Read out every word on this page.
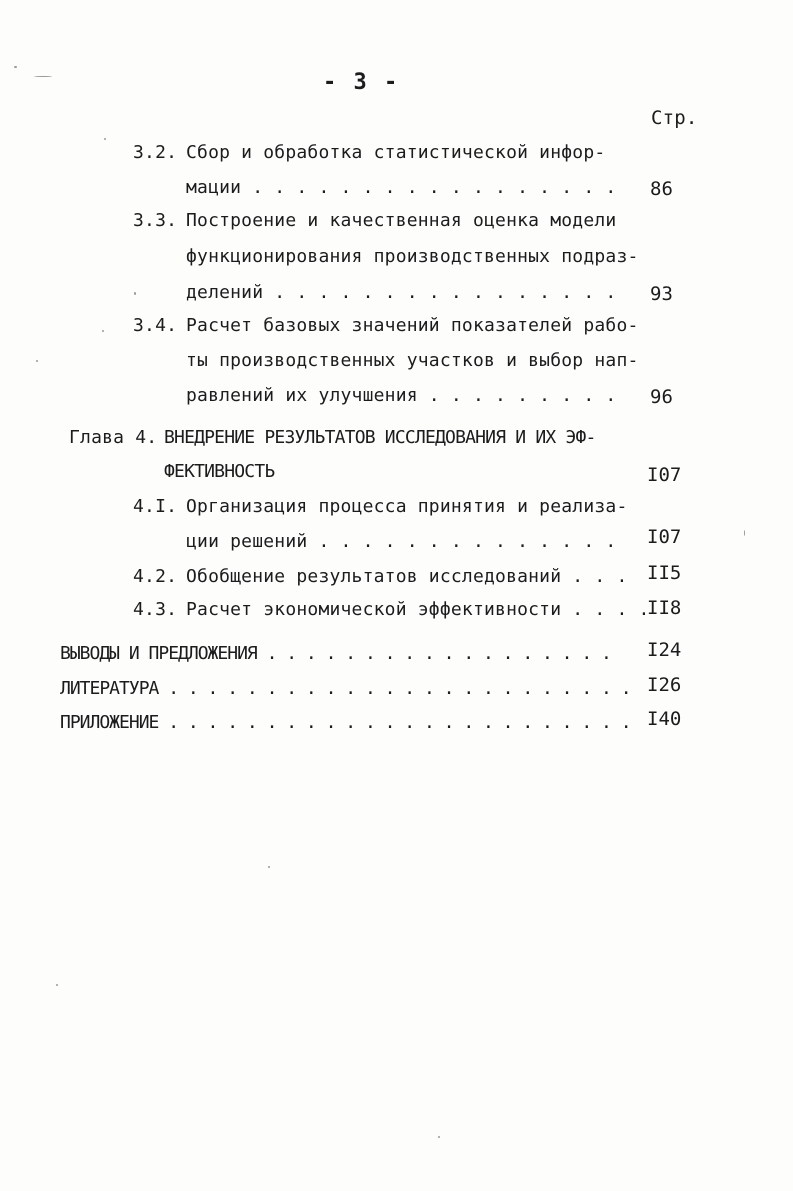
- 3 -
Стр.
3.2. Сбор и обработка статистической инфор-
мации . . . . . . . . . . . . . . . . . 86
3.3. Построение и качественная оценка модели
функционирования производственных подраз-
делений . . . . . . . . . . . . . . . . 93
3.4. Расчет базовых значений показателей рабо-
ты производственных участков и выбор нап-
равлений их улучшения . . . . . . . . . 96
Глава 4. ВНЕДРЕНИЕ РЕЗУЛЬТАТОВ ИССЛЕДОВАНИЯ И ИХ ЭФ-
ФЕКТИВНОСТЬ	I07
4.I. Организация процесса принятия и реализа-
ции решений . . . . . . . . . . . . . . I07
4.2. Обобщение результатов исследований . . . II5
4.3. Расчет экономической эффективности . . . .
II8
ВЫВОДЫ И ПРЕДЛОЖЕНИЯ . . . . . . . . . . . . . . . . . . I24
ЛИТЕРАТУРА . . . . . . . . . . . . . . . . . . . . . . . . I26
ПРИЛОЖЕНИЕ . . . . . . . . . . . . . . . . . . . . . . . . I40
